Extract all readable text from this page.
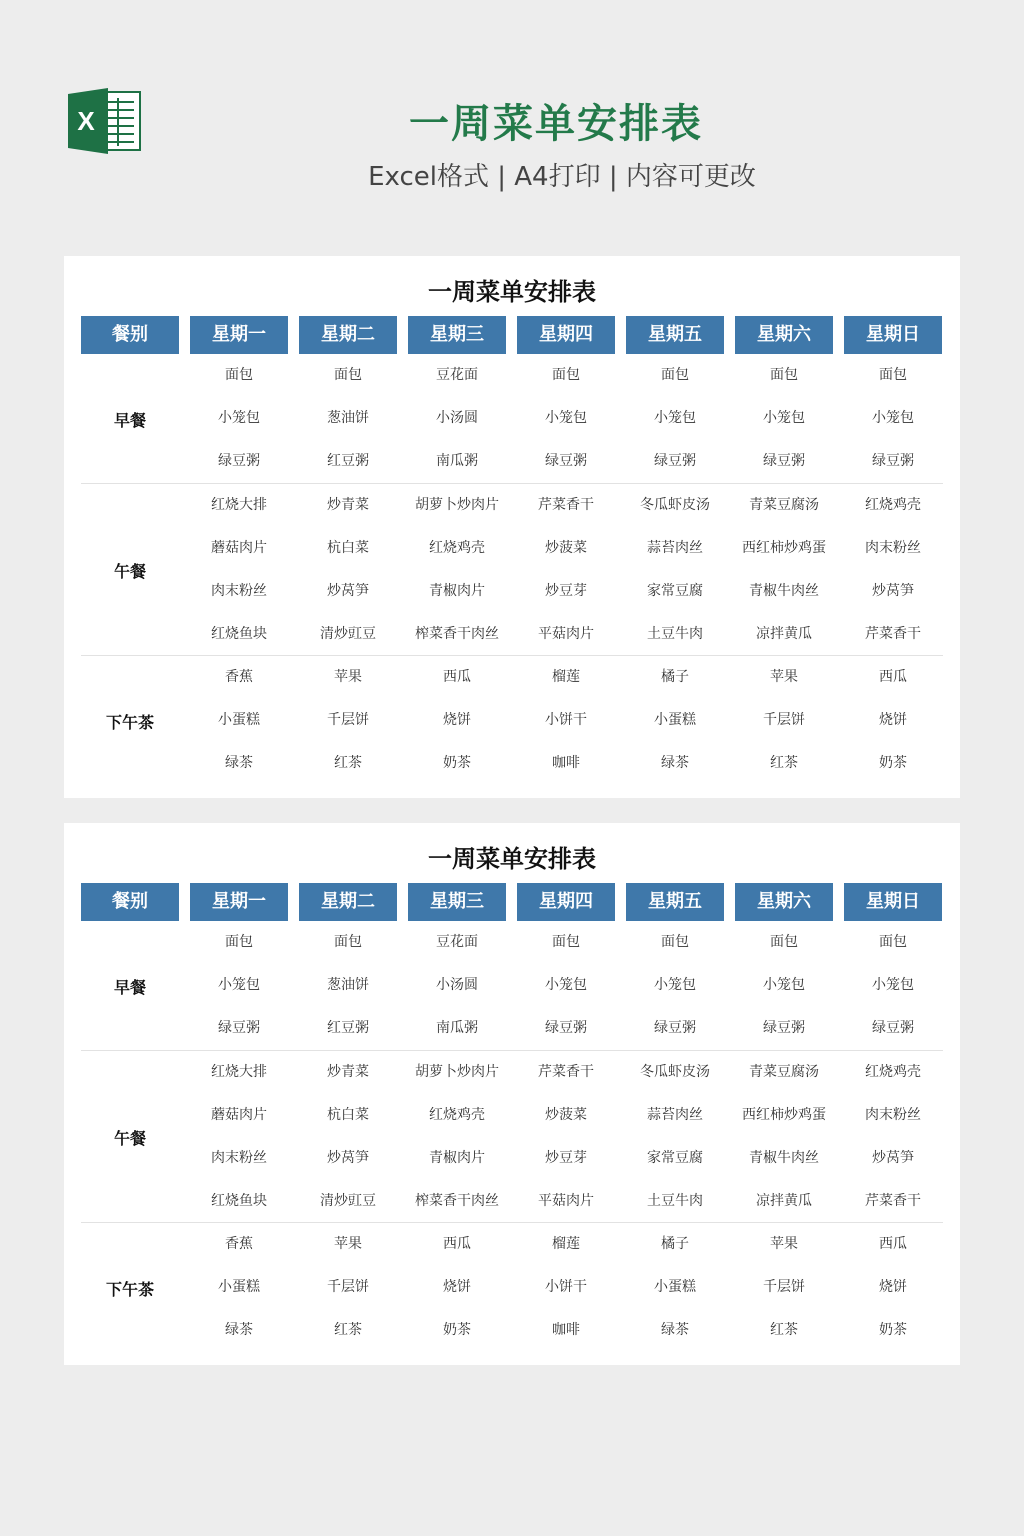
X	一周菜单安排表
Excel格式 | A4打印 | 内容可更改
一周菜单安排表
餐别	星期一	星期二	星期三	星期四	星期五	星期六	星期日
早餐
面包	面包	豆花面	面包	面包	面包	面包
小笼包	葱油饼	小汤圆	小笼包	小笼包	小笼包	小笼包
绿豆粥	红豆粥	南瓜粥	绿豆粥	绿豆粥	绿豆粥	绿豆粥
午餐
红烧大排	炒青菜	胡萝卜炒肉片	芹菜香干	冬瓜虾皮汤	青菜豆腐汤	红烧鸡壳
蘑菇肉片	杭白菜	红烧鸡壳	炒菠菜	蒜苔肉丝	西红柿炒鸡蛋	肉末粉丝
肉末粉丝	炒莴笋	青椒肉片	炒豆芽	家常豆腐	青椒牛肉丝	炒莴笋
红烧鱼块	清炒豇豆	榨菜香干肉丝	平菇肉片	土豆牛肉	凉拌黄瓜	芹菜香干
下午茶
香蕉	苹果	西瓜	榴莲	橘子	苹果	西瓜
小蛋糕	千层饼	烧饼	小饼干	小蛋糕	千层饼	烧饼
绿茶	红茶	奶茶	咖啡	绿茶	红茶	奶茶
一周菜单安排表
餐别	星期一	星期二	星期三	星期四	星期五	星期六	星期日
早餐
面包	面包	豆花面	面包	面包	面包	面包
小笼包	葱油饼	小汤圆	小笼包	小笼包	小笼包	小笼包
绿豆粥	红豆粥	南瓜粥	绿豆粥	绿豆粥	绿豆粥	绿豆粥
午餐
红烧大排	炒青菜	胡萝卜炒肉片	芹菜香干	冬瓜虾皮汤	青菜豆腐汤	红烧鸡壳
蘑菇肉片	杭白菜	红烧鸡壳	炒菠菜	蒜苔肉丝	西红柿炒鸡蛋	肉末粉丝
肉末粉丝	炒莴笋	青椒肉片	炒豆芽	家常豆腐	青椒牛肉丝	炒莴笋
红烧鱼块	清炒豇豆	榨菜香干肉丝	平菇肉片	土豆牛肉	凉拌黄瓜	芹菜香干
下午茶
香蕉	苹果	西瓜	榴莲	橘子	苹果	西瓜
小蛋糕	千层饼	烧饼	小饼干	小蛋糕	千层饼	烧饼
绿茶	红茶	奶茶	咖啡	绿茶	红茶	奶茶
